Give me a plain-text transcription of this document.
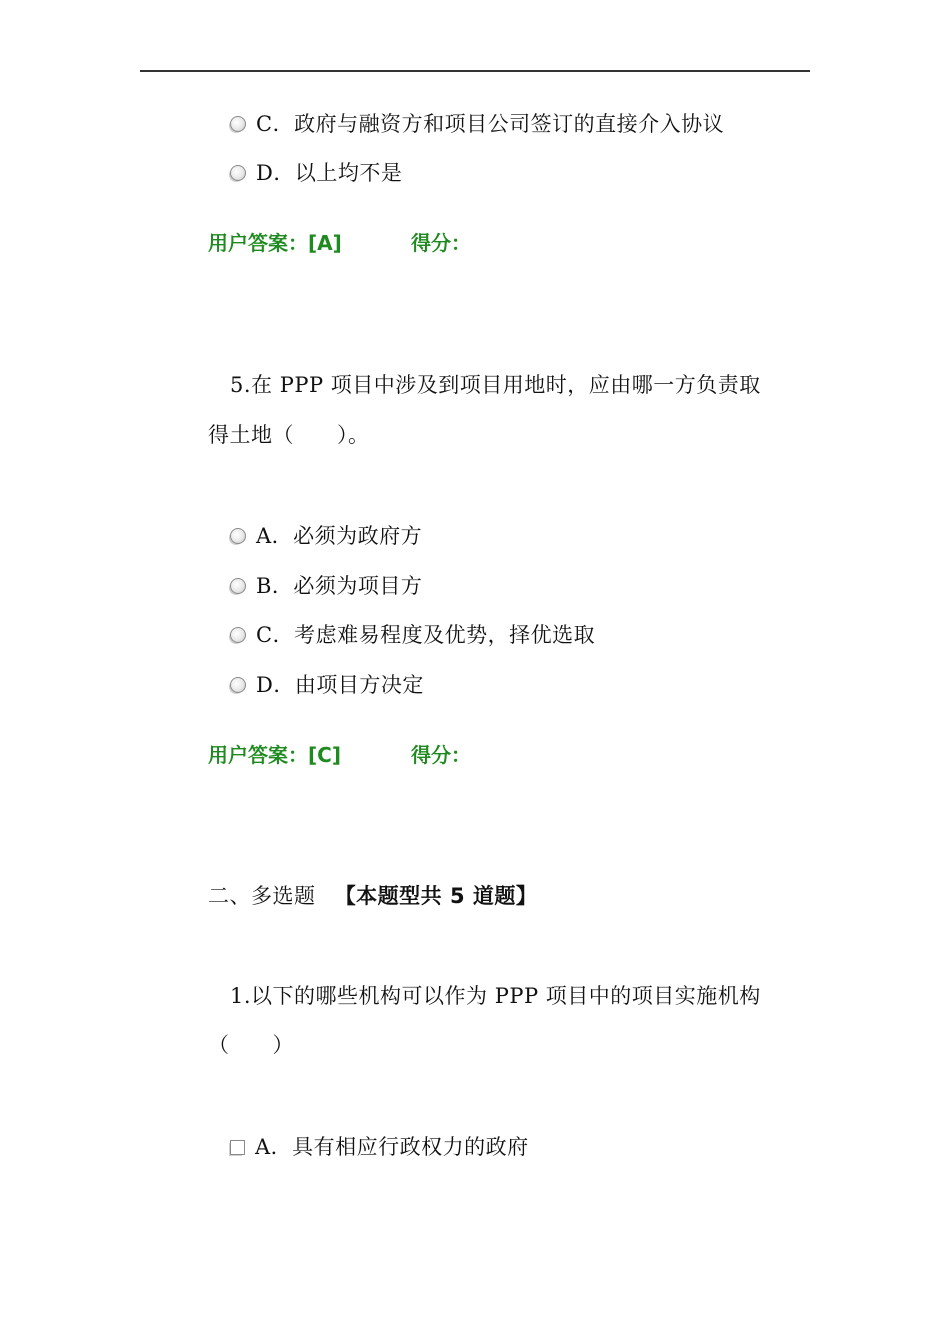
C．政府与融资方和项目公司签订的直接介入协议
D．以上均不是
用户答案：[A]	得分：
5.在 PPP 项目中涉及到项目用地时，应由哪一方负责取
得土地（　　）。
A．必须为政府方
B．必须为项目方
C．考虑难易程度及优势，择优选取
D．由项目方决定
用户答案：[C]	得分：
二、多选题 【本题型共 5 道题】
1.以下的哪些机构可以作为 PPP 项目中的项目实施机构
（　　）
A．具有相应行政权力的政府
